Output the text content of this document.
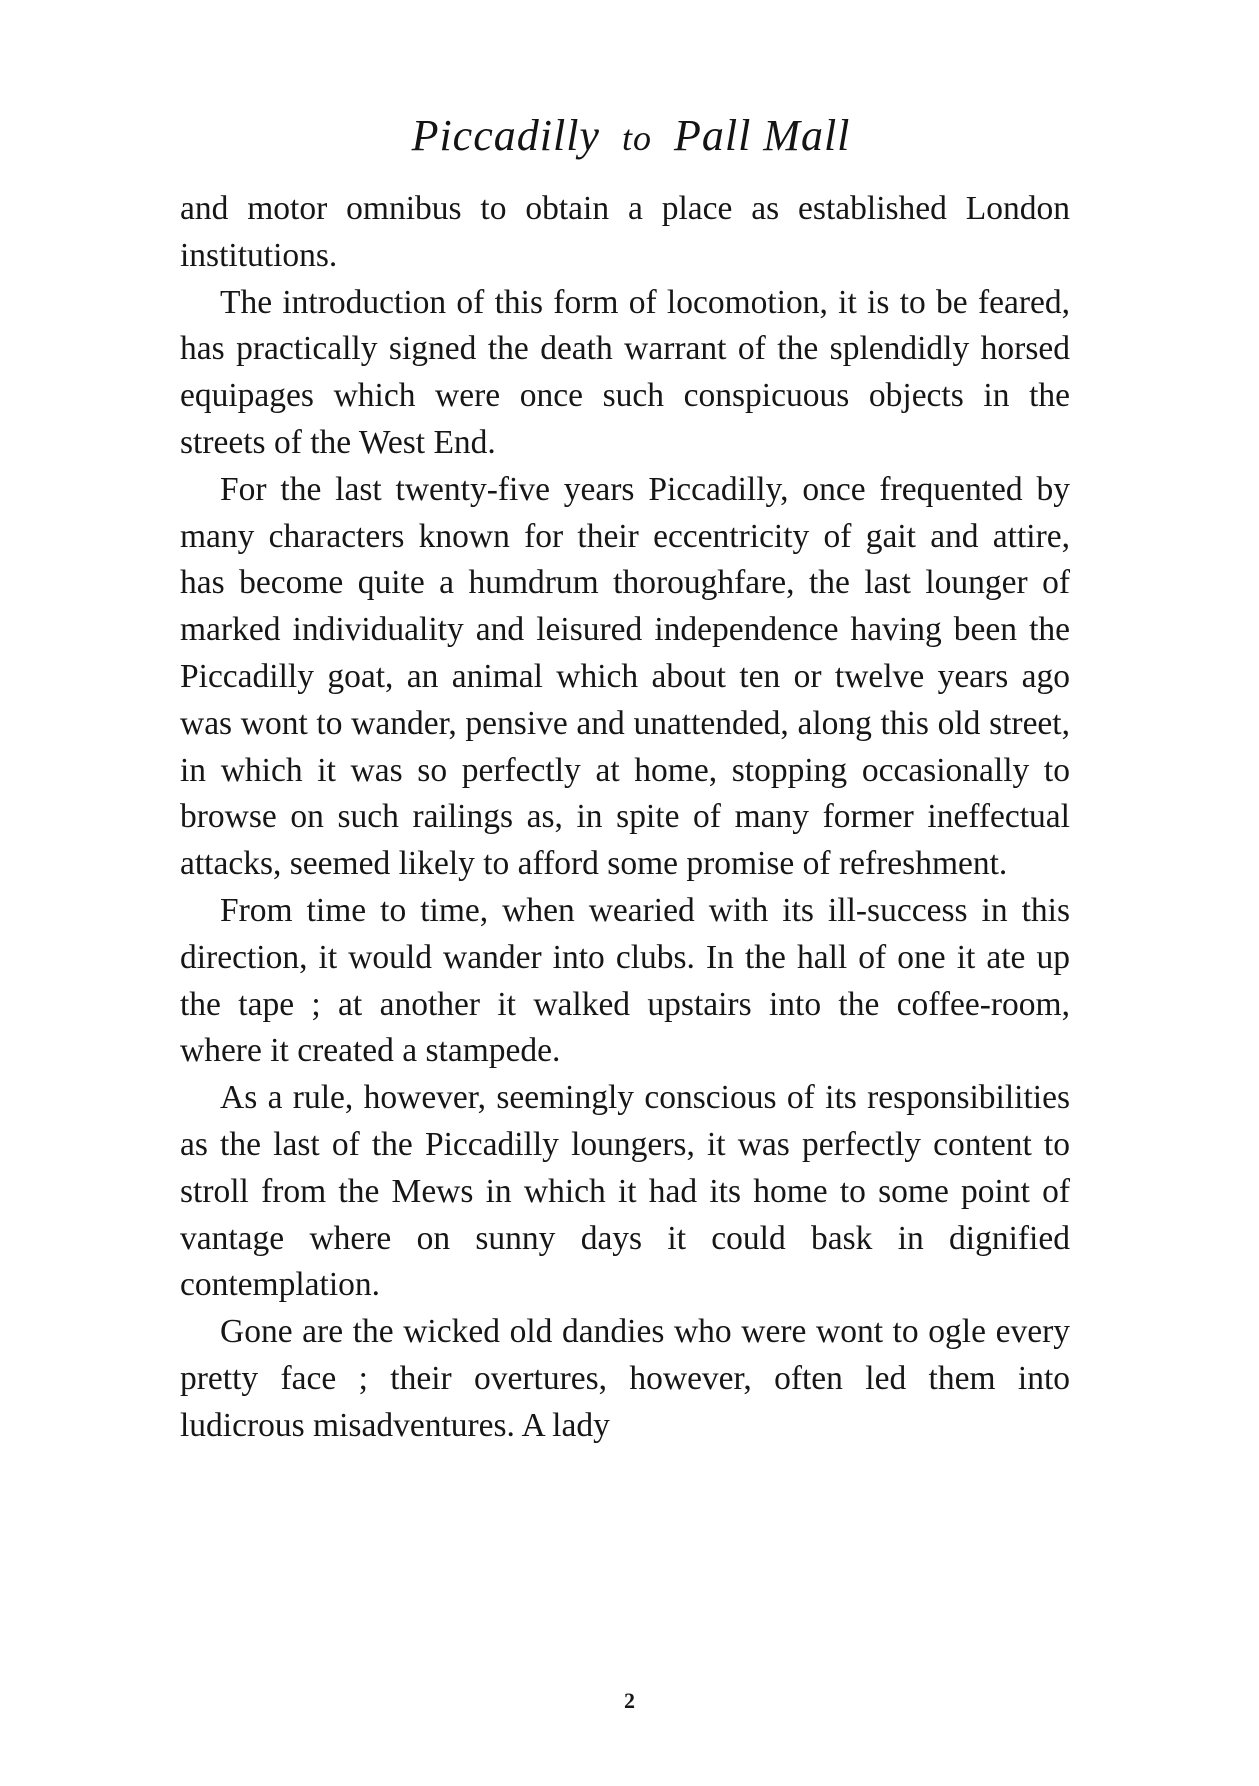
Piccadilly to Pall Mall

and motor omnibus to obtain a place as established London institutions.

The introduction of this form of locomotion, it is to be feared, has practically signed the death warrant of the splendidly horsed equipages which were once such conspicuous objects in the streets of the West End.

For the last twenty-five years Piccadilly, once frequented by many characters known for their eccentricity of gait and attire, has become quite a humdrum thoroughfare, the last lounger of marked individuality and leisured independence having been the Piccadilly goat, an animal which about ten or twelve years ago was wont to wander, pensive and unattended, along this old street, in which it was so perfectly at home, stopping occasionally to browse on such railings as, in spite of many former ineffectual attacks, seemed likely to afford some promise of refreshment.

From time to time, when wearied with its ill-success in this direction, it would wander into clubs. In the hall of one it ate up the tape ; at another it walked upstairs into the coffee-room, where it created a stampede.

As a rule, however, seemingly conscious of its responsibilities as the last of the Piccadilly loungers, it was perfectly content to stroll from the Mews in which it had its home to some point of vantage where on sunny days it could bask in dignified contemplation.

Gone are the wicked old dandies who were wont to ogle every pretty face ; their overtures, however, often led them into ludicrous misadventures. A lady

2
